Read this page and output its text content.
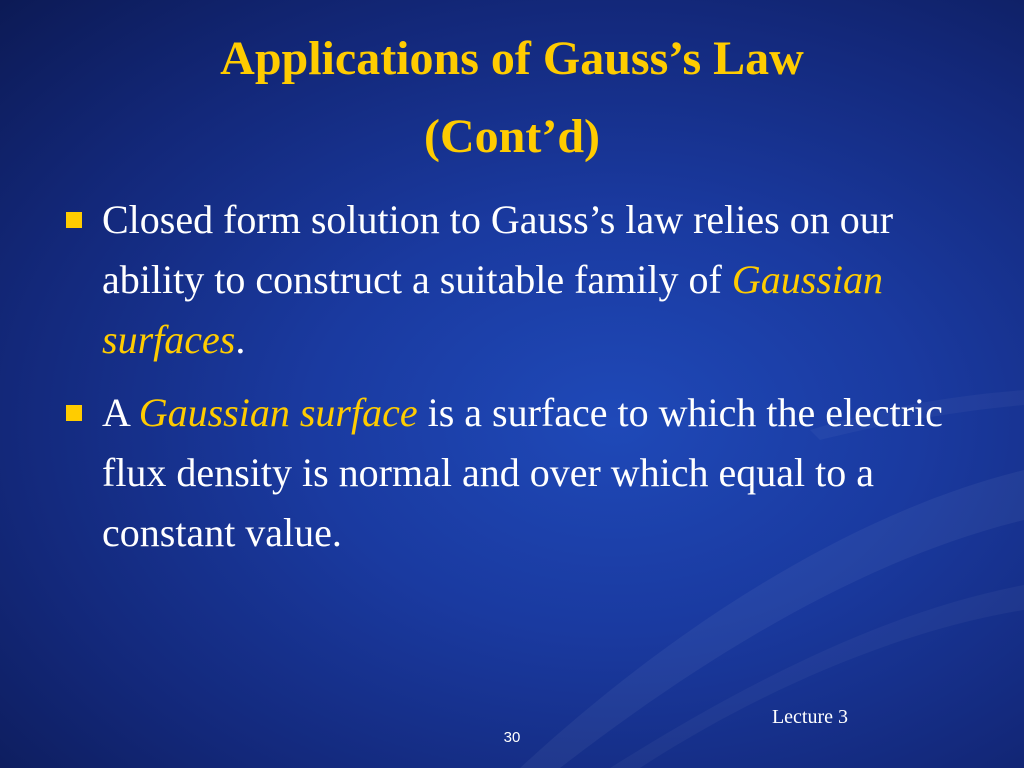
Applications of Gauss’s Law
(Cont’d)
Closed form solution to Gauss’s law relies on our ability to construct a suitable family of Gaussian surfaces.
A Gaussian surface is a surface to which the electric flux density is normal and over which equal to a constant value.
Lecture 3
30
